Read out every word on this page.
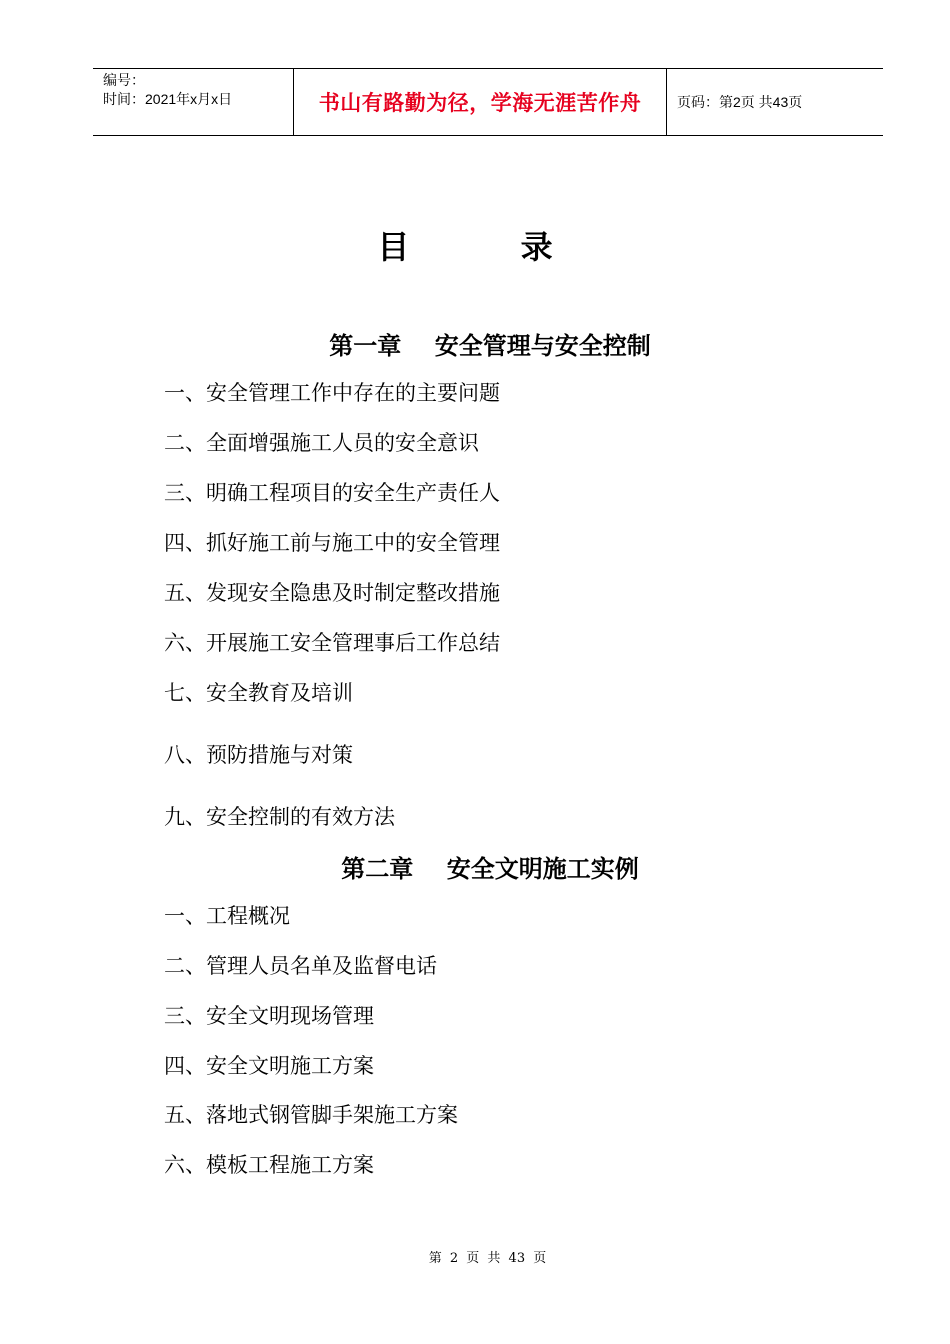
编号：
时间：2021年x月x日	书山有路勤为径，学海无涯苦作舟	页码：第2页 共43页
目 录
第一章    安全管理与安全控制
一、安全管理工作中存在的主要问题
二、全面增强施工人员的安全意识
三、明确工程项目的安全生产责任人
四、抓好施工前与施工中的安全管理
五、发现安全隐患及时制定整改措施
六、开展施工安全管理事后工作总结
七、安全教育及培训
八、预防措施与对策
九、安全控制的有效方法
第二章    安全文明施工实例
一、工程概况
二、管理人员名单及监督电话
三、安全文明现场管理
四、安全文明施工方案
五、落地式钢管脚手架施工方案
六、模板工程施工方案
第 2 页 共 43 页
